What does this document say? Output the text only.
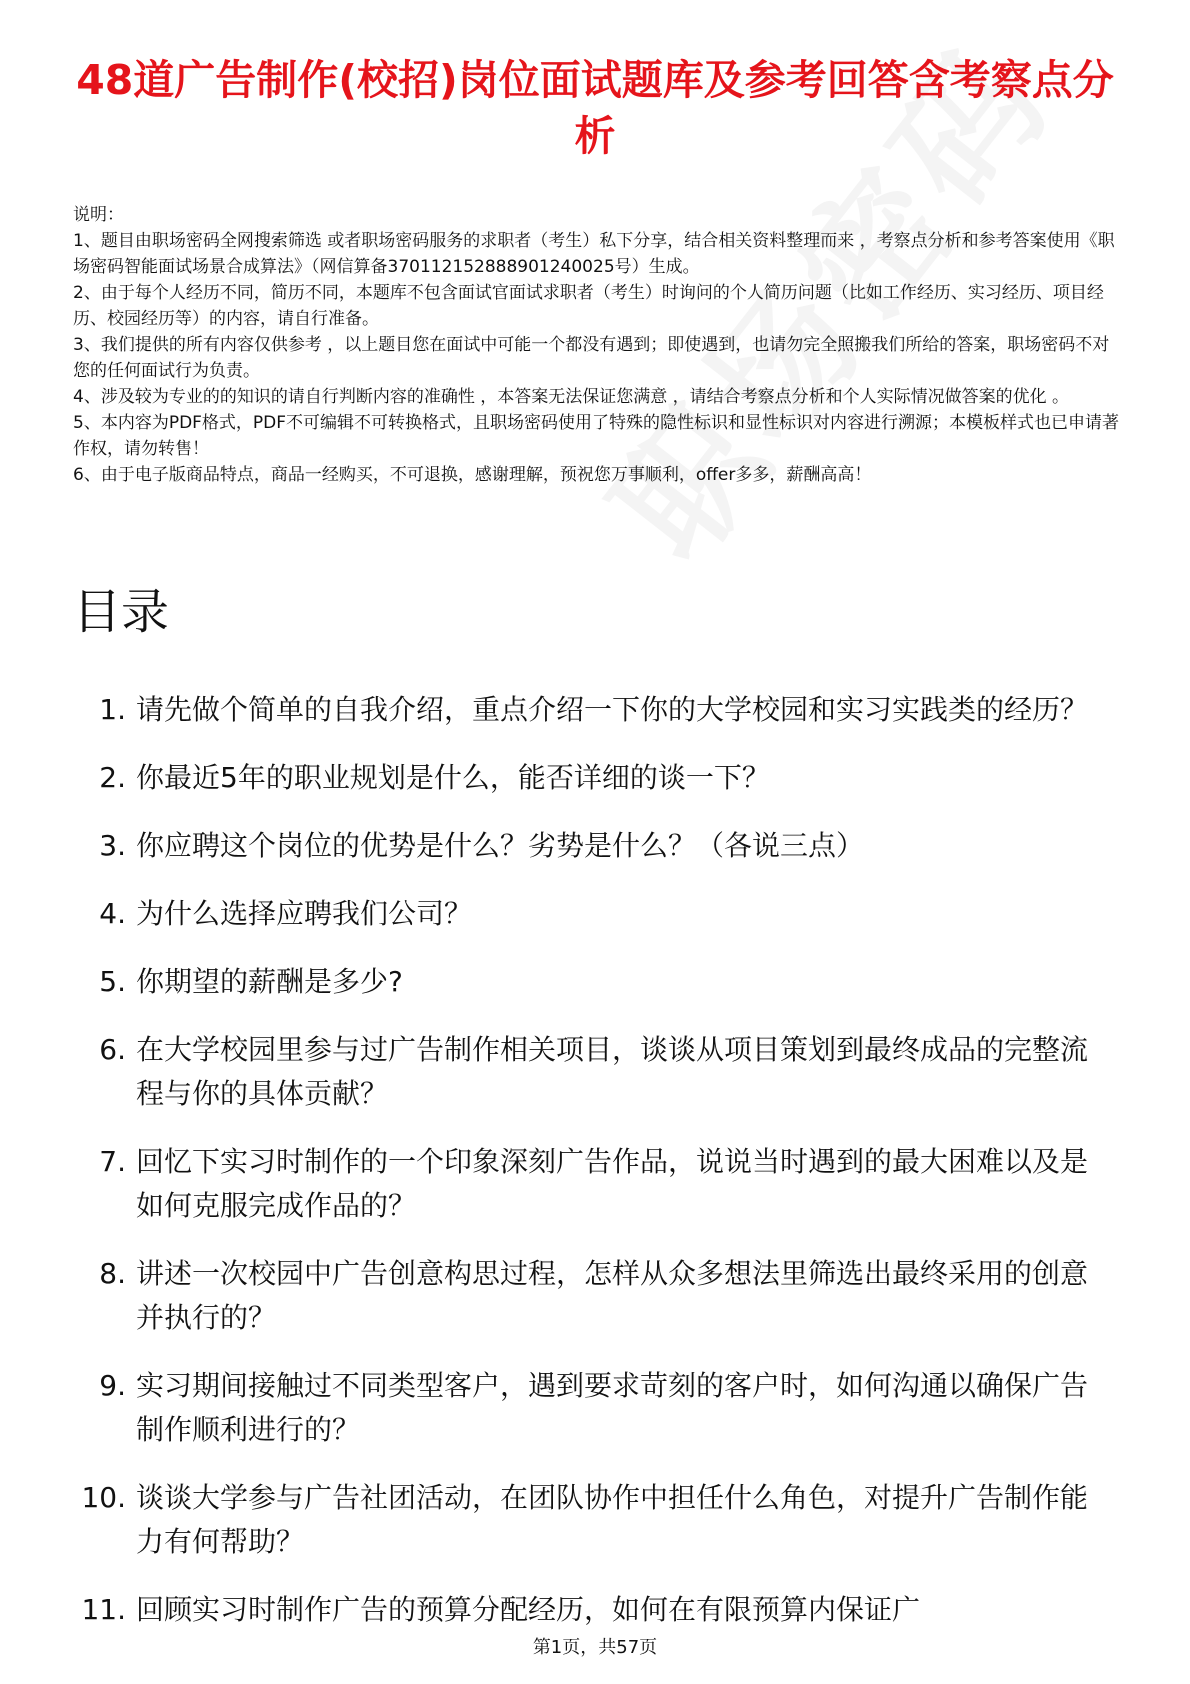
48道广告制作(校招)岗位面试题库及参考回答含考察点分析

说明：

1、题目由职场密码全网搜索筛选 或者职场密码服务的求职者（考生）私下分享，结合相关资料整理而来 ，考察点分析和参考答案使用《职场密码智能面试场景合成算法》（网信算备370112152888901240025号）生成。

2、由于每个人经历不同，简历不同，本题库不包含面试官面试求职者（考生）时询问的个人简历问题（比如工作经历、实习经历、项目经历、校园经历等）的内容，请自行准备。

3、我们提供的所有内容仅供参考 ，以上题目您在面试中可能一个都没有遇到；即使遇到，也请勿完全照搬我们所给的答案，职场密码不对您的任何面试行为负责。

4、涉及较为专业的的知识的请自行判断内容的准确性 ，本答案无法保证您满意 ，请结合考察点分析和个人实际情况做答案的优化 。

5、本内容为PDF格式，PDF不可编辑不可转换格式，且职场密码使用了特殊的隐性标识和显性标识对内容进行溯源；本模板样式也已申请著作权，请勿转售！

6、由于电子版商品特点，商品一经购买，不可退换，感谢理解，预祝您万事顺利，offer多多，薪酬高高！

目录
1. 请先做个简单的自我介绍，重点介绍一下你的大学校园和实习实践类的经历？
2. 你最近5年的职业规划是什么，能否详细的谈一下？
3. 你应聘这个岗位的优势是什么？劣势是什么？（各说三点）
4. 为什么选择应聘我们公司？
5. 你期望的薪酬是多少?
6. 在大学校园里参与过广告制作相关项目，谈谈从项目策划到最终成品的完整流程与你的具体贡献？
7. 回忆下实习时制作的一个印象深刻广告作品，说说当时遇到的最大困难以及是如何克服完成作品的？
8. 讲述一次校园中广告创意构思过程，怎样从众多想法里筛选出最终采用的创意并执行的？
9. 实习期间接触过不同类型客户，遇到要求苛刻的客户时，如何沟通以确保广告制作顺利进行的？
10. 谈谈大学参与广告社团活动，在团队协作中担任什么角色，对提升广告制作能力有何帮助？
11. 回顾实习时制作广告的预算分配经历，如何在有限预算内保证广
第1页，共57页
